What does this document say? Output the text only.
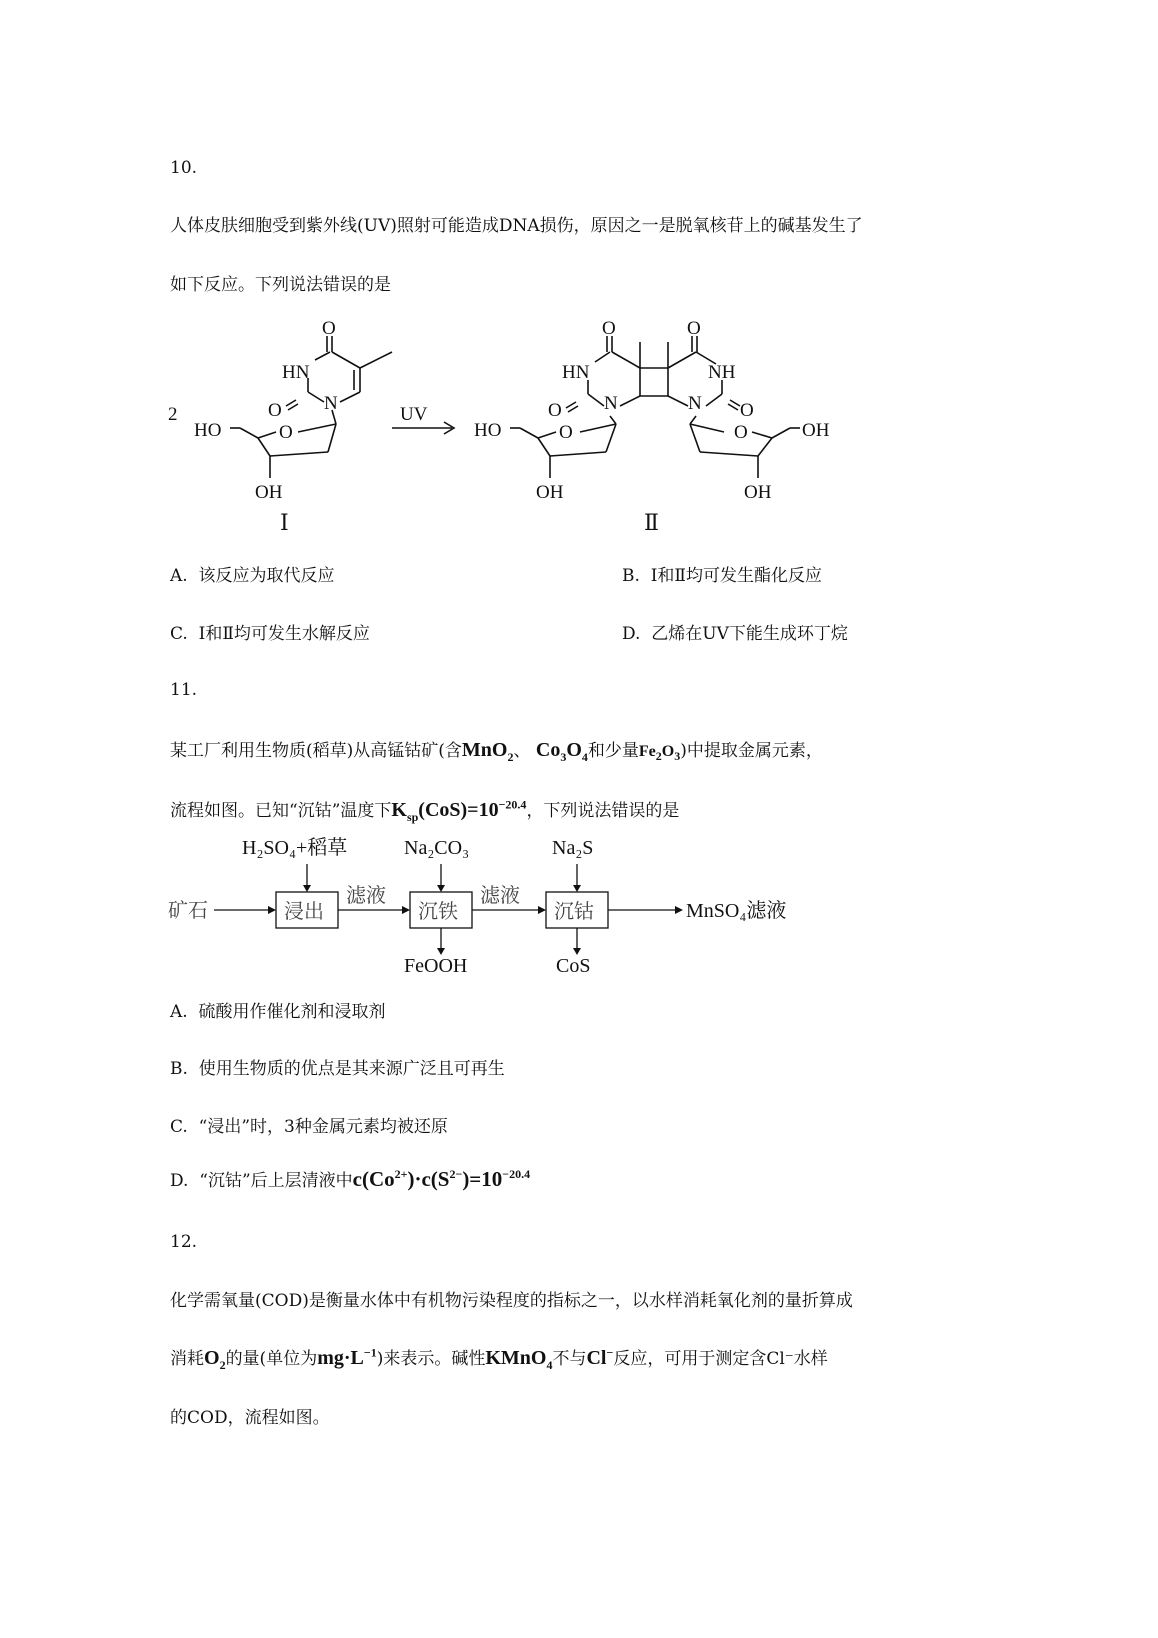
10.
人体皮肤细胞受到紫外线(UV)照射可能造成DNA损伤，原因之一是脱氧核苷上的碱基发生了
如下反应。下列说法错误的是
2
O
HN
N
O
O
HO
OH
Ⅰ
UV
O	O
HN	NH
N	N
O	O
O	O
HO	OH
OH	OH
Ⅱ
A. 该反应为取代反应	B. Ⅰ和Ⅱ均可发生酯化反应
C. Ⅰ和Ⅱ均可发生水解反应	D. 乙烯在UV下能生成环丁烷
11.
某工厂利用生物质(稻草)从高锰钴矿(含MnO$_2$、 $Co_3O_4$和少量$Fe_2O_3$)中提取金属元素，
流程如图。已知“沉钴”温度下$K_{sp}(CoS)=10^{-20.4}$，下列说法错误的是
矿石	浸出	沉铁	沉钴
滤液	滤液
H₂SO₄+稻草	Na₂CO₃	Na₂S
FeOOH	CoS
MnSO₄滤液
A. 硫酸用作催化剂和浸取剂
B. 使用生物质的优点是其来源广泛且可再生
C. “浸出”时，3种金属元素均被还原
D. “沉钴”后上层清液中$c(Co^{2+})\cdot c(S^{2-})=10^{-20.4}$
12.
化学需氧量(COD)是衡量水体中有机物污染程度的指标之一，以水样消耗氧化剂的量折算成
消耗$O_2$的量(单位为$mg\cdot L^{-1}$)来表示。碱性KMnO$_4$不与Cl−反应，可用于测定含Cl⁻水样
的COD，流程如图。
